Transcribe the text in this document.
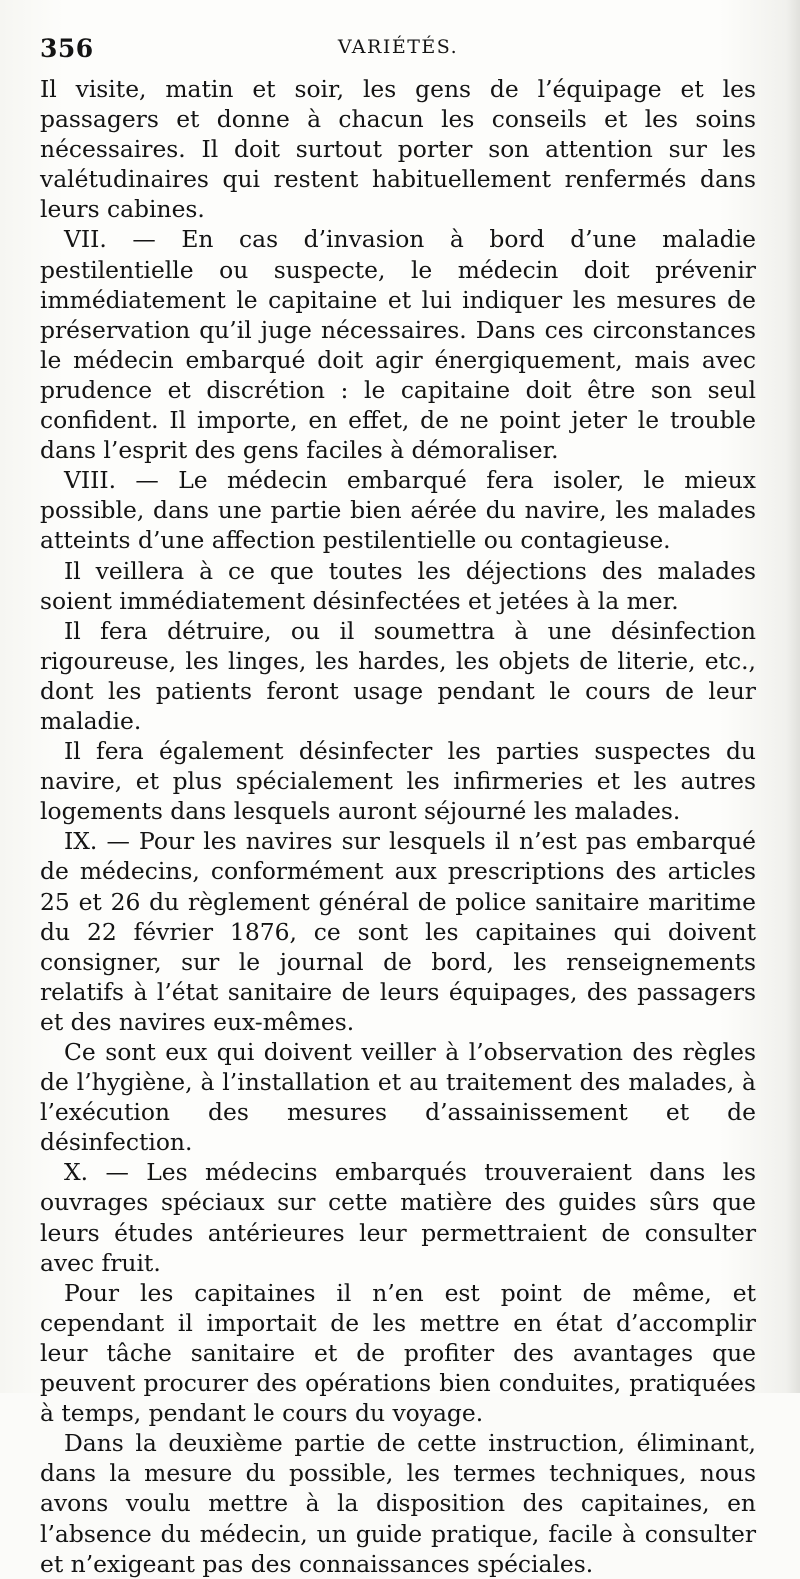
356	VARIÉTÉS.

Il visite, matin et soir, les gens de l’équipage et les passagers et donne à chacun les conseils et les soins nécessaires. Il doit surtout porter son attention sur les valétudinaires qui restent habituellement renfermés dans leurs cabines.

VII. — En cas d’invasion à bord d’une maladie pestilentielle ou suspecte, le médecin doit prévenir immédiatement le capitaine et lui indiquer les mesures de préservation qu’il juge nécessaires. Dans ces circonstances le médecin embarqué doit agir énergiquement, mais avec prudence et discrétion : le capitaine doit être son seul confident. Il importe, en effet, de ne point jeter le trouble dans l’esprit des gens faciles à démoraliser.

VIII. — Le médecin embarqué fera isoler, le mieux possible, dans une partie bien aérée du navire, les malades atteints d’une affection pestilentielle ou contagieuse.

Il veillera à ce que toutes les déjections des malades soient immédiatement désinfectées et jetées à la mer.

Il fera détruire, ou il soumettra à une désinfection rigoureuse, les linges, les hardes, les objets de literie, etc., dont les patients feront usage pendant le cours de leur maladie.

Il fera également désinfecter les parties suspectes du navire, et plus spécialement les infirmeries et les autres logements dans lesquels auront séjourné les malades.

IX. — Pour les navires sur lesquels il n’est pas embarqué de médecins, conformément aux prescriptions des articles 25 et 26 du règlement général de police sanitaire maritime du 22 février 1876, ce sont les capitaines qui doivent consigner, sur le journal de bord, les renseignements relatifs à l’état sanitaire de leurs équipages, des passagers et des navires eux-mêmes.

Ce sont eux qui doivent veiller à l’observation des règles de l’hygiène, à l’installation et au traitement des malades, à l’exécution des mesures d’assainissement et de désinfection.

X. — Les médecins embarqués trouveraient dans les ouvrages spéciaux sur cette matière des guides sûrs que leurs études antérieures leur permettraient de consulter avec fruit.

Pour les capitaines il n’en est point de même, et cependant il importait de les mettre en état d’accomplir leur tâche sanitaire et de profiter des avantages que peuvent procurer des opérations bien conduites, pratiquées à temps, pendant le cours du voyage.

Dans la deuxième partie de cette instruction, éliminant, dans la mesure du possible, les termes techniques, nous avons voulu mettre à la disposition des capitaines, en l’absence du médecin, un guide pratique, facile à consulter et n’exigeant pas des connaissances spéciales.
